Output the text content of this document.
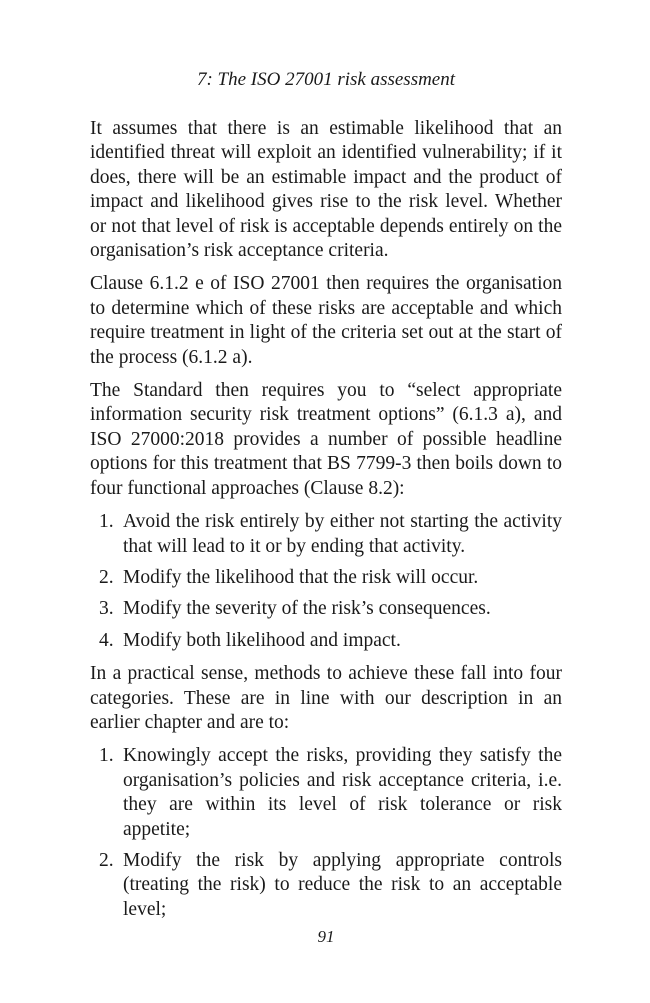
7: The ISO 27001 risk assessment

It assumes that there is an estimable likelihood that an identified threat will exploit an identified vulnerability; if it does, there will be an estimable impact and the product of impact and likelihood gives rise to the risk level. Whether or not that level of risk is acceptable depends entirely on the organisation’s risk acceptance criteria.

Clause 6.1.2 e of ISO 27001 then requires the organisation to determine which of these risks are acceptable and which require treatment in light of the criteria set out at the start of the process (6.1.2 a).

The Standard then requires you to “select appropriate information security risk treatment options” (6.1.3 a), and ISO 27000:2018 provides a number of possible headline options for this treatment that BS 7799-3 then boils down to four functional approaches (Clause 8.2):

1. Avoid the risk entirely by either not starting the activity that will lead to it or by ending that activity.
2. Modify the likelihood that the risk will occur.
3. Modify the severity of the risk’s consequences.
4. Modify both likelihood and impact.

In a practical sense, methods to achieve these fall into four categories. These are in line with our description in an earlier chapter and are to:

1. Knowingly accept the risks, providing they satisfy the organisation’s policies and risk acceptance criteria, i.e. they are within its level of risk tolerance or risk appetite;
2. Modify the risk by applying appropriate controls (treating the risk) to reduce the risk to an acceptable level;
91
